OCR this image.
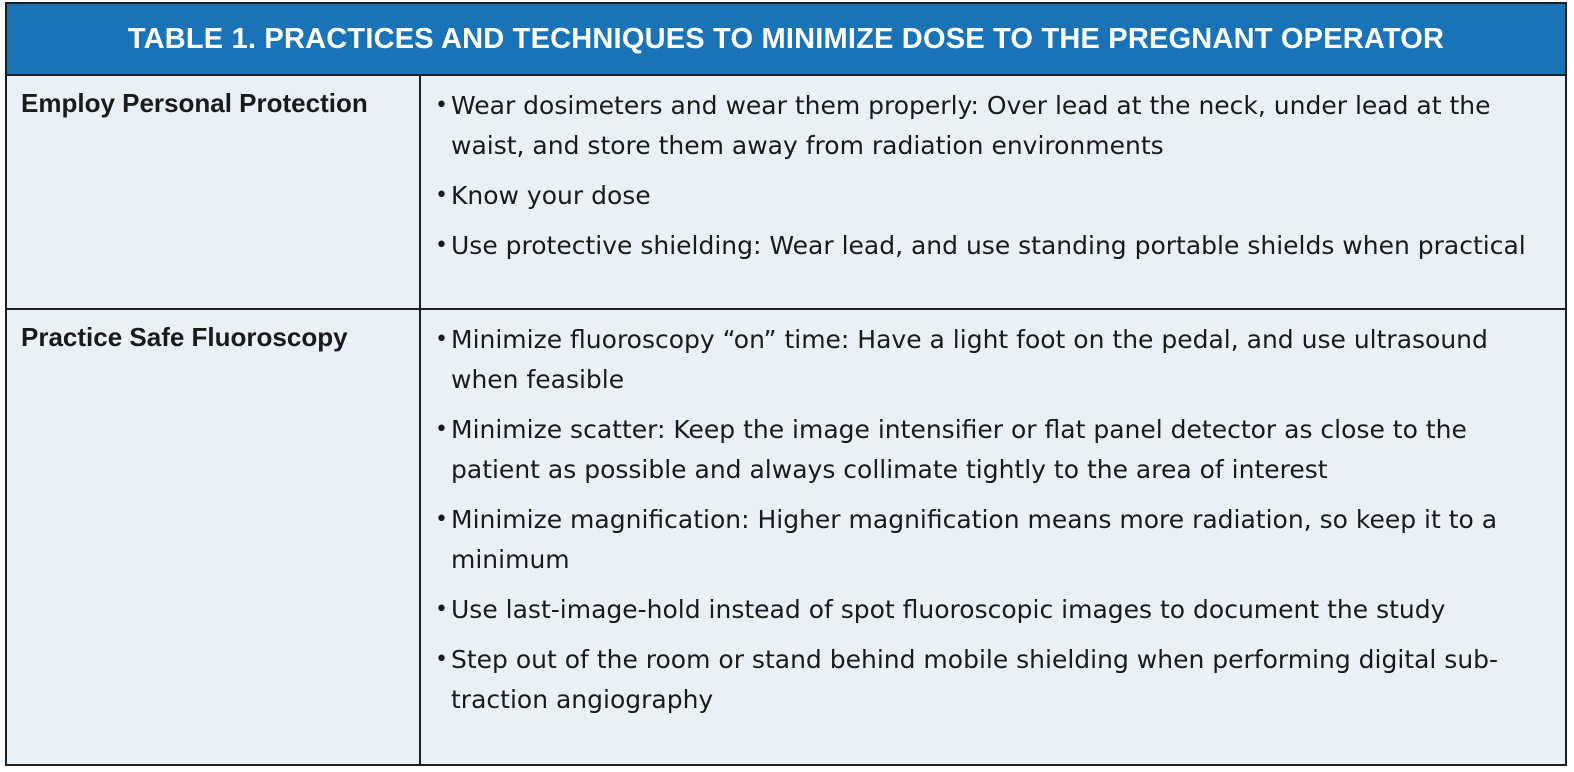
TABLE 1. PRACTICES AND TECHNIQUES TO MINIMIZE DOSE TO THE PREGNANT OPERATOR
Employ Personal Protection	• Wear dosimeters and wear them properly: Over lead at the neck, under lead at the waist, and store them away from radiation environments
• Know your dose
• Use protective shielding: Wear lead, and use standing portable shields when practical
Practice Safe Fluoroscopy	• Minimize fluoroscopy “on” time: Have a light foot on the pedal, and use ultrasound when feasible
• Minimize scatter: Keep the image intensifier or flat panel detector as close to the patient as possible and always collimate tightly to the area of interest
• Minimize magnification: Higher magnification means more radiation, so keep it to a minimum
• Use last-image-hold instead of spot fluoroscopic images to document the study
• Step out of the room or stand behind mobile shielding when performing digital sub-traction angiography
